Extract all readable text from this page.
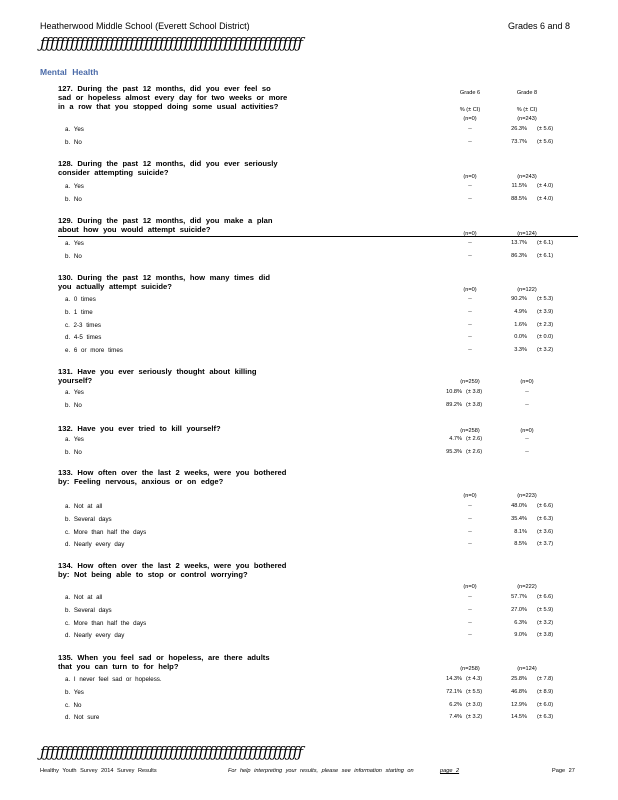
Heatherwood Middle School (Everett School District)	Grades 6 and 8
ƒƒƒƒƒƒƒƒƒƒƒƒƒƒƒƒƒƒƒƒƒƒƒƒƒƒƒƒƒƒƒƒƒƒƒƒƒƒƒƒƒƒƒƒƒƒƒƒƒƒƒƒƒ
Mental Health
Grade 6	Grade 8
% (± CI)	% (± CI)
127. During the past 12 months, did you ever feel so sad or hopeless almost every day for two weeks or more in a row that you stopped doing some usual activities?
(n=0)	(n=243)
a. Yes	--	26.3% (± 5.6)
b. No	--	73.7% (± 5.6)
128. During the past 12 months, did you ever seriously consider attempting suicide?	(n=0)	(n=243)
a. Yes	--	11.5% (± 4.0)
b. No	--	88.5% (± 4.0)
129. During the past 12 months, did you make a plan about how you would attempt suicide?	(n=0)	(n=124)
a. Yes	--	13.7% (± 6.1)
b. No	--	86.3% (± 6.1)
130. During the past 12 months, how many times did you actually attempt suicide?	(n=0)	(n=122)
a. 0 times	--	90.2% (± 5.3)
b. 1 time	--	4.9% (± 3.9)
c. 2-3 times	--	1.6% (± 2.3)
d. 4-5 times	--	0.0% (± 0.0)
e. 6 or more times	--	3.3% (± 3.2)
131. Have you ever seriously thought about killing yourself?	(n=259)	(n=0)
a. Yes	10.8% (± 3.8)	--
b. No	89.2% (± 3.8)	--
132. Have you ever tried to kill yourself?	(n=258)	(n=0)
a. Yes	4.7% (± 2.6)	--
b. No	95.3% (± 2.6)	--
133. How often over the last 2 weeks, were you bothered by: Feeling nervous, anxious or on edge?
(n=0)	(n=223)
a. Not at all	--	48.0% (± 6.6)
b. Several days	--	35.4% (± 6.3)
c. More than half the days	--	8.1% (± 3.6)
d. Nearly every day	--	8.5% (± 3.7)
134. How often over the last 2 weeks, were you bothered by: Not being able to stop or control worrying?
(n=0)	(n=222)
a. Not at all	--	57.7% (± 6.6)
b. Several days	--	27.0% (± 5.9)
c. More than half the days	--	6.3% (± 3.2)
d. Nearly every day	--	9.0% (± 3.8)
135. When you feel sad or hopeless, are there adults that you can turn to for help?	(n=258)	(n=124)
a. I never feel sad or hopeless.	14.3% (± 4.3)	25.8% (± 7.8)
b. Yes	72.1% (± 5.5)	46.8% (± 8.9)
c. No	6.2% (± 3.0)	12.9% (± 6.0)
d. Not sure	7.4% (± 3.2)	14.5% (± 6.3)
ƒƒƒƒƒƒƒƒƒƒƒƒƒƒƒƒƒƒƒƒƒƒƒƒƒƒƒƒƒƒƒƒƒƒƒƒƒƒƒƒƒƒƒƒƒƒƒƒƒƒƒƒƒ
Healthy Youth Survey 2014 Survey Results	For help interpreting your results, please see information starting on	page 2	Page 27
